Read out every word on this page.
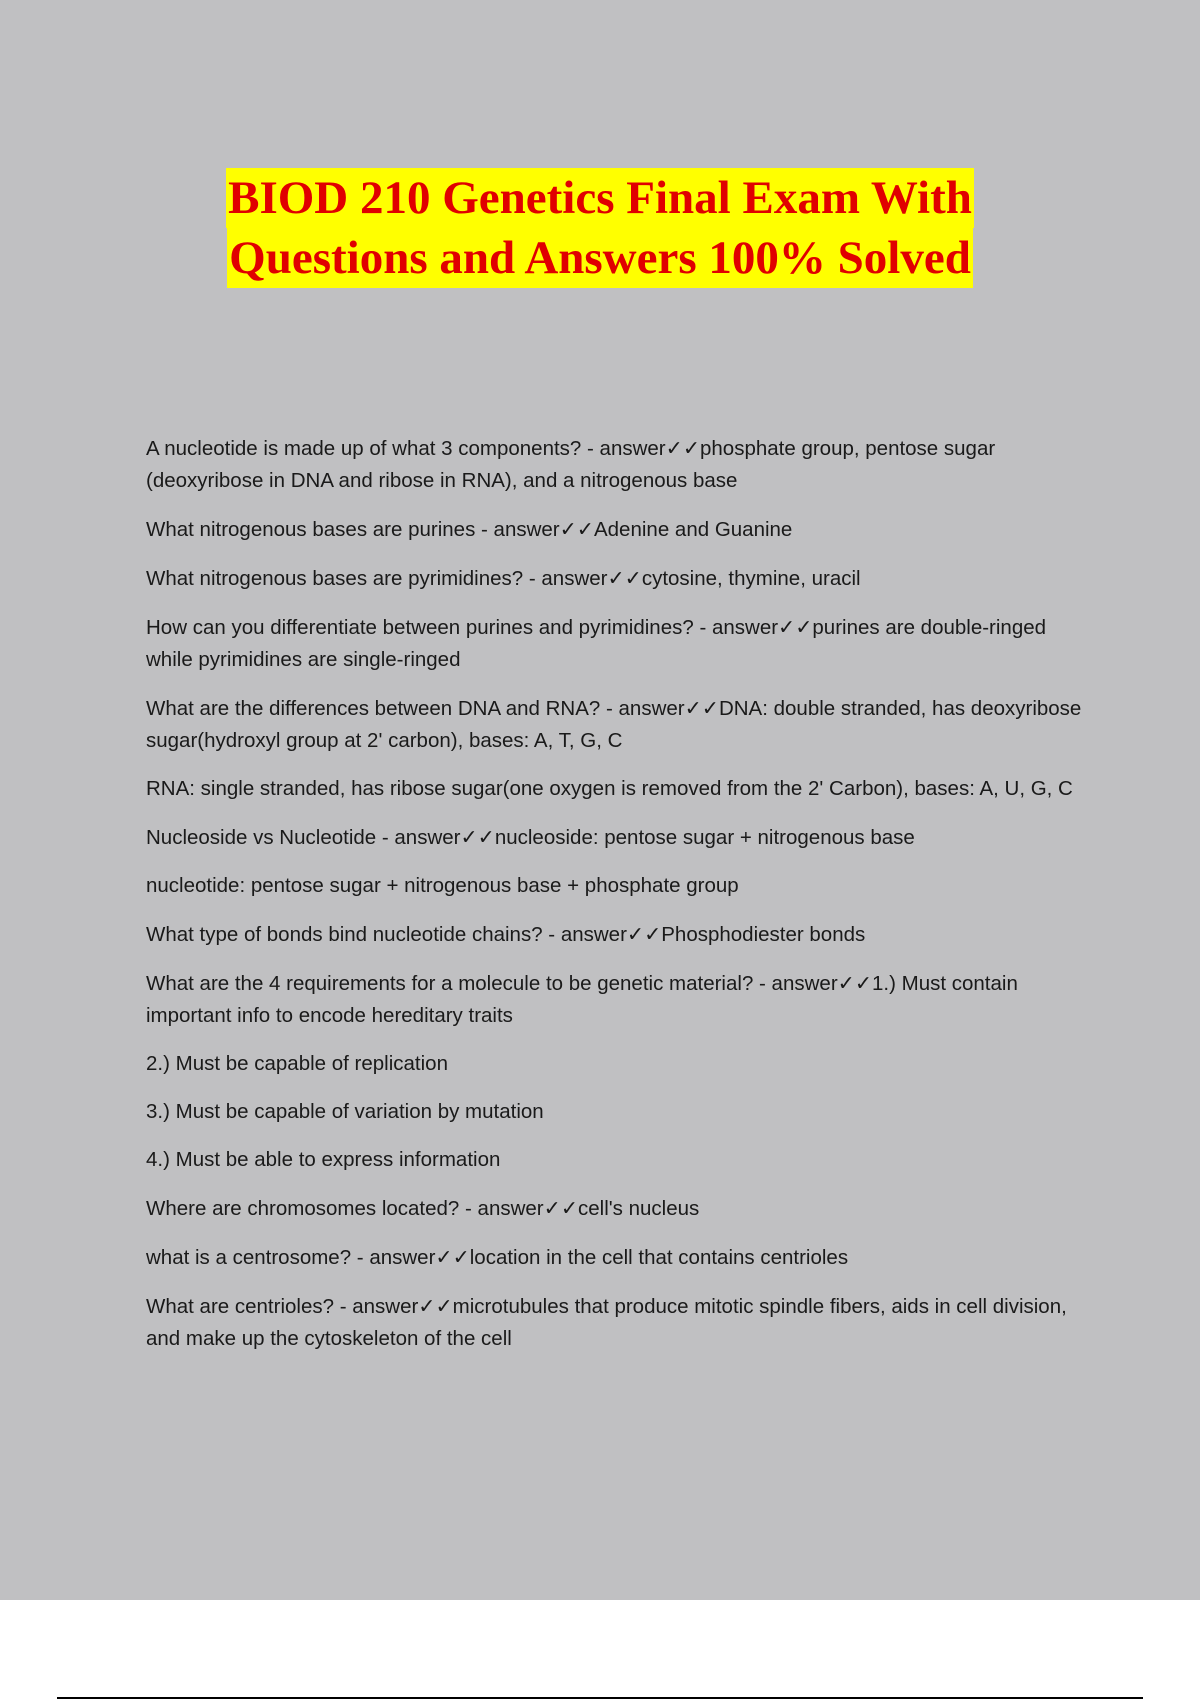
BIOD 210 Genetics Final Exam With
Questions and Answers 100% Solved

A nucleotide is made up of what 3 components? - answer✓✓phosphate group, pentose sugar (deoxyribose in DNA and ribose in RNA), and a nitrogenous base

What nitrogenous bases are purines - answer✓✓Adenine and Guanine

What nitrogenous bases are pyrimidines? - answer✓✓cytosine, thymine, uracil

How can you differentiate between purines and pyrimidines? - answer✓✓purines are double-ringed while pyrimidines are single-ringed

What are the differences between DNA and RNA? - answer✓✓DNA: double stranded, has deoxyribose sugar(hydroxyl group at 2' carbon), bases: A, T, G, C

RNA: single stranded, has ribose sugar(one oxygen is removed from the 2' Carbon), bases: A, U, G, C

Nucleoside vs Nucleotide - answer✓✓nucleoside: pentose sugar + nitrogenous base

nucleotide: pentose sugar + nitrogenous base + phosphate group

What type of bonds bind nucleotide chains? - answer✓✓Phosphodiester bonds

What are the 4 requirements for a molecule to be genetic material? - answer✓✓1.) Must contain important info to encode hereditary traits

2.) Must be capable of replication

3.) Must be capable of variation by mutation

4.) Must be able to express information

Where are chromosomes located? - answer✓✓cell's nucleus

what is a centrosome? - answer✓✓location in the cell that contains centrioles

What are centrioles? - answer✓✓microtubules that produce mitotic spindle fibers, aids in cell division, and make up the cytoskeleton of the cell
